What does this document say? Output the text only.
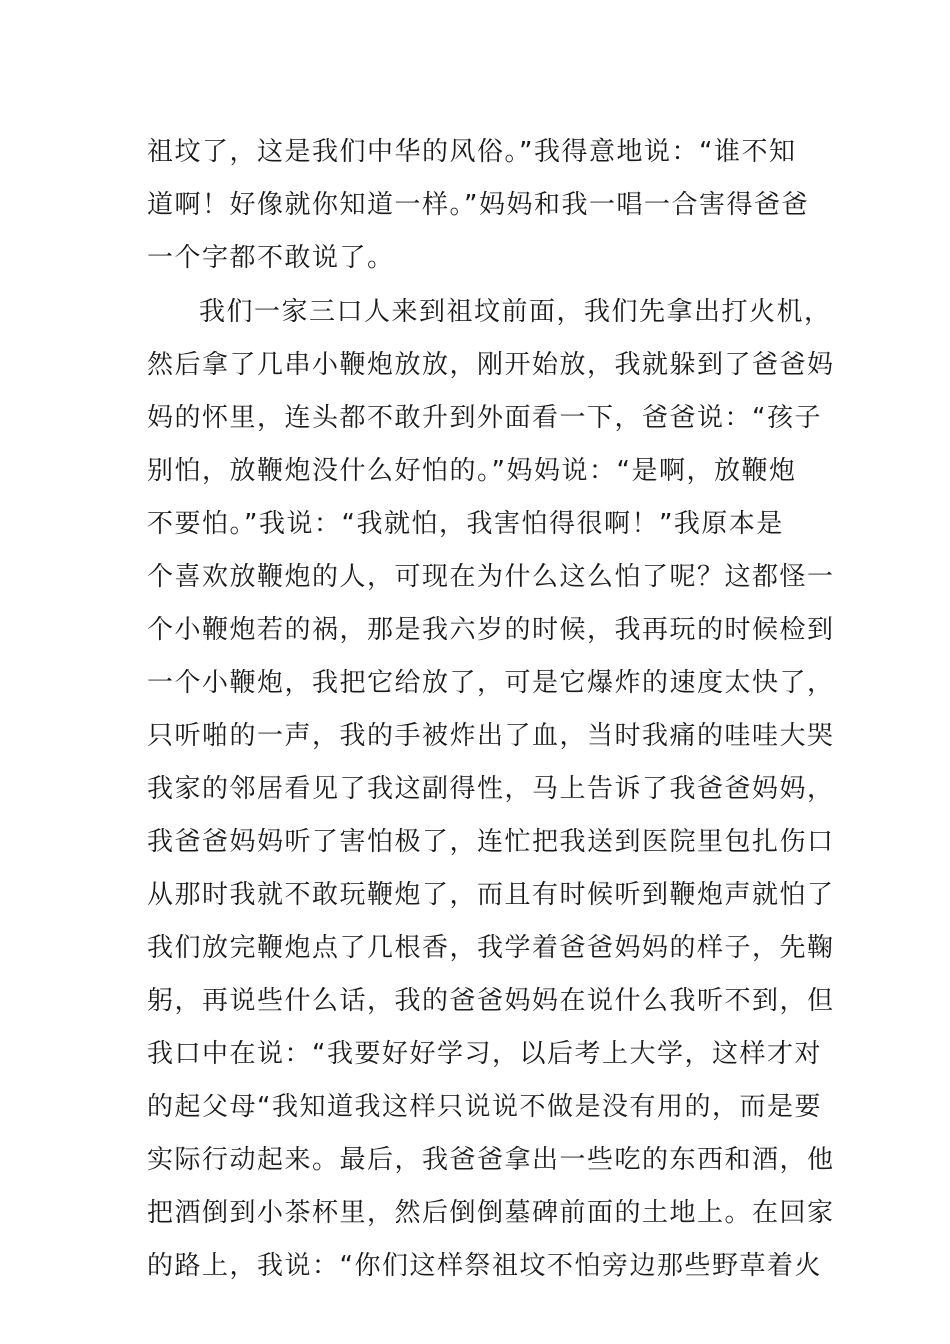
祖坟了，这是我们中华的风俗。”我得意地说：“谁不知
道啊！好像就你知道一样。”妈妈和我一唱一合害得爸爸
一个字都不敢说了。
我们一家三口人来到祖坟前面，我们先拿出打火机，
然后拿了几串小鞭炮放放，刚开始放，我就躲到了爸爸妈
妈的怀里，连头都不敢升到外面看一下，爸爸说：“孩子
别怕，放鞭炮没什么好怕的。”妈妈说：“是啊，放鞭炮
不要怕。”我说：“我就怕，我害怕得很啊！”我原本是
个喜欢放鞭炮的人，可现在为什么这么怕了呢？这都怪一
个小鞭炮若的祸，那是我六岁的时候，我再玩的时候检到
一个小鞭炮，我把它给放了，可是它爆炸的速度太快了，
只听啪的一声，我的手被炸出了血，当时我痛的哇哇大哭
我家的邻居看见了我这副得性，马上告诉了我爸爸妈妈，
我爸爸妈妈听了害怕极了，连忙把我送到医院里包扎伤口
从那时我就不敢玩鞭炮了，而且有时候听到鞭炮声就怕了
我们放完鞭炮点了几根香，我学着爸爸妈妈的样子，先鞠
躬，再说些什么话，我的爸爸妈妈在说什么我听不到，但
我口中在说：“我要好好学习，以后考上大学，这样才对
的起父母“我知道我这样只说说不做是没有用的，而是要
实际行动起来。最后，我爸爸拿出一些吃的东西和酒，他
把酒倒到小茶杯里，然后倒倒墓碑前面的土地上。在回家
的路上，我说：“你们这样祭祖坟不怕旁边那些野草着火
